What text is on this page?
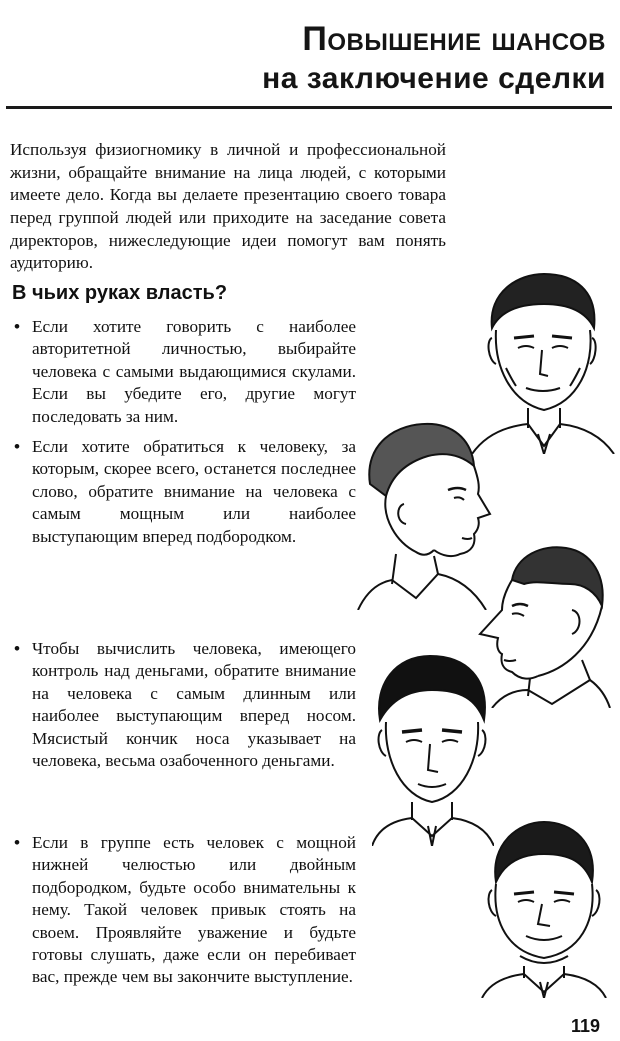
Повышение шансов
на заключение сделки

Используя физиогномику в личной и профессиональной жизни, обращайте внимание на лица людей, с которыми имеете дело. Когда вы делаете презентацию своего товара перед группой людей или приходите на заседание совета директоров, нижеследующие идеи помогут вам понять аудиторию.

В чьих руках власть?
• Если хотите говорить с наиболее авторитетной личностью, выбирайте человека с самыми выдающимися скулами. Если вы убедите его, другие могут последовать за ним.
• Если хотите обратиться к человеку, за которым, скорее всего, останется последнее слово, обратите внимание на человека с самым мощным или наиболее выступающим вперед подбородком.
• Чтобы вычислить человека, имеющего контроль над деньгами, обратите внимание на человека с самым длинным или наиболее выступающим вперед носом. Мясистый кончик носа указывает на человека, весьма озабоченного деньгами.
• Если в группе есть человек с мощной нижней челюстью или двойным подбородком, будьте особо внимательны к нему. Такой человек привык стоять на своем. Проявляйте уважение и будьте готовы слушать, даже если он перебивает вас, прежде чем вы закончите выступление.
119
